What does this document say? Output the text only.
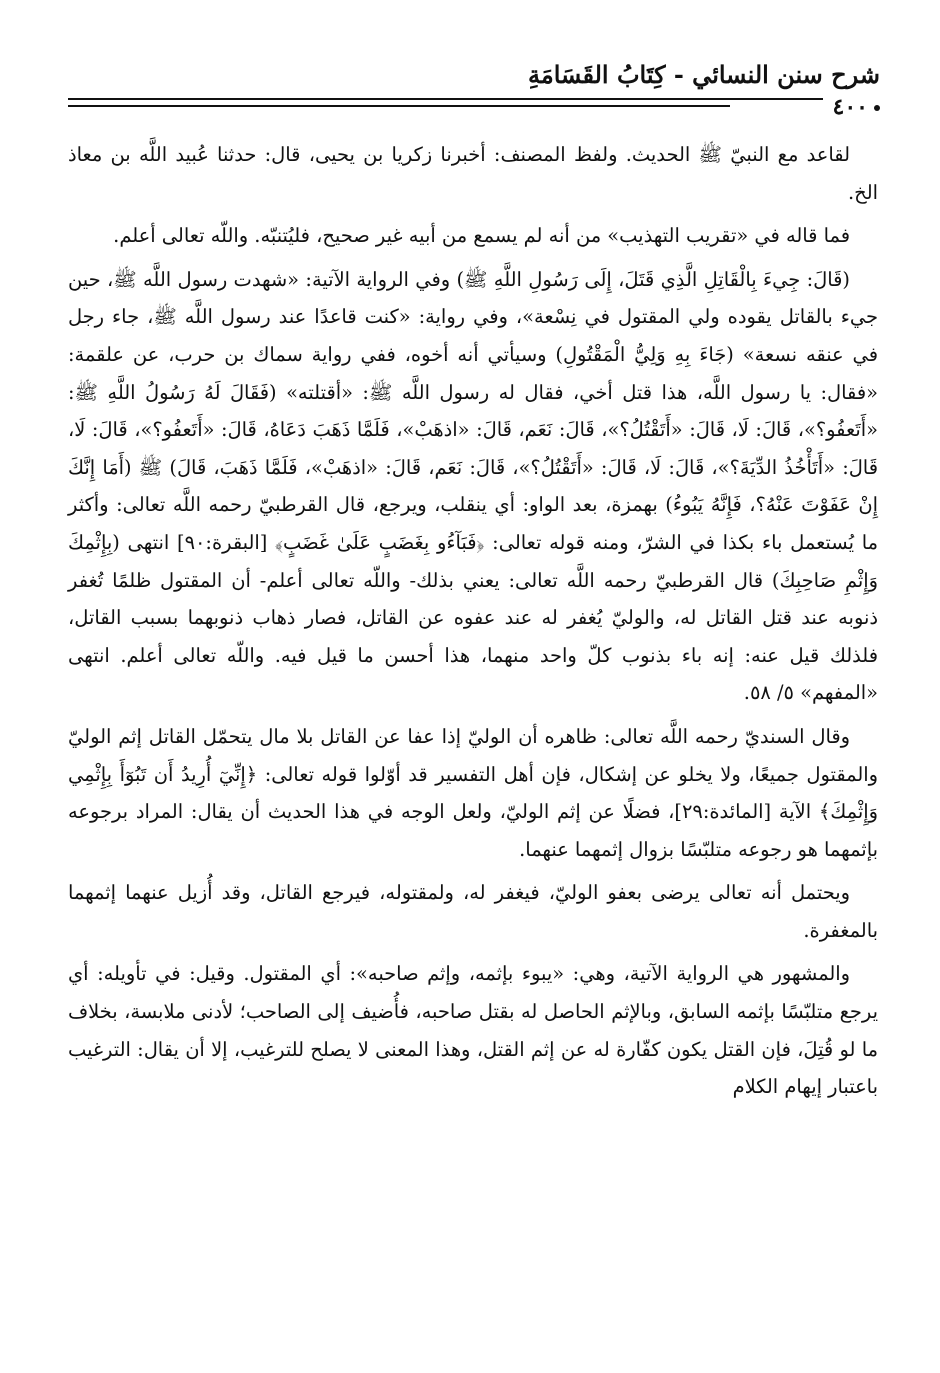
شرح سنن النسائي - كِتَابُ القَسَامَةِ
٤٠٠

لقاعد مع النبيّ ﷺ الحديث. ولفظ المصنف: أخبرنا زكريا بن يحيى، قال: حدثنا عُبيد اللَّه بن معاذ الخ.

فما قاله في «تقريب التهذيب» من أنه لم يسمع من أبيه غير صحيح، فليُتنبّه. واللّه تعالى أعلم.

(قَالَ: جِيءَ بِالْقَاتِلِ الَّذِي قَتَلَ، إِلَى رَسُولِ اللَّهِ ﷺ) وفي الرواية الآتية: «شهدت رسول اللَّه ﷺ، حين جيء بالقاتل يقوده ولي المقتول في نِسْعة»، وفي رواية: «كنت قاعدًا عند رسول اللَّه ﷺ، جاء رجل في عنقه نسعة» (جَاءَ بِهِ وَلِيُّ الْمَقْتُولِ) وسيأتي أنه أخوه، ففي رواية سماك بن حرب، عن علقمة: «فقال: يا رسول اللَّه، هذا قتل أخي، فقال له رسول اللَّه ﷺ: «أقتلته» (فَقَالَ لَهُ رَسُولُ اللَّهِ ﷺ: «أَتَعفُو؟»، قَالَ: لَا، قَالَ: «أَتَقْتُلُ؟»، قَالَ: نَعَم، قَالَ: «اذهَبْ»، فَلَمَّا ذَهَبَ دَعَاهُ، قَالَ: «أَتَعفُو؟»، قَالَ: لَا، قَالَ: «أَتَأْخُذُ الدِّيَةَ؟»، قَالَ: لَا، قَالَ: «أَتَقْتُلُ؟»، قَالَ: نَعَم، قَالَ: «اذهَبْ»، فَلَمَّا ذَهَبَ، قَالَ) ﷺ (أَمَا إِنَّكَ إِنْ عَفَوْتَ عَنْهُ؟، فَإِنَّهُ يَبُوءُ) بهمزة، بعد الواو: أي ينقلب، ويرجع، قال القرطبيّ رحمه اللَّه تعالى: وأكثر ما يُستعمل باء بكذا في الشرّ، ومنه قوله تعالى: ﴿فَبَآءُو بِغَضَبٍ عَلَىٰ غَضَبٍ﴾ [البقرة:٩٠] انتهى (بِإِثْمِكَ وَإِثْمِ صَاحِبِكَ) قال القرطبيّ رحمه اللَّه تعالى: يعني بذلك- واللّه تعالى أعلم- أن المقتول ظلمًا تُغفر ذنوبه عند قتل القاتل له، والوليّ يُغفر له عند عفوه عن القاتل، فصار ذهاب ذنوبهما بسبب القاتل، فلذلك قيل عنه: إنه باء بذنوب كلّ واحد منهما، هذا أحسن ما قيل فيه. واللّه تعالى أعلم. انتهى «المفهم» ٥/ ٥٨.

وقال السنديّ رحمه اللَّه تعالى: ظاهره أن الوليّ إذا عفا عن القاتل بلا مال يتحمّل القاتل إثم الوليّ والمقتول جميعًا، ولا يخلو عن إشكال، فإن أهل التفسير قد أوّلوا قوله تعالى: ﴿إِنِّيٓ أُرِيدُ أَن تَبُوٓأَ بِإِثْمِي وَإِثْمِكَ﴾ الآية [المائدة:٢٩]، فضلًا عن إثم الوليّ، ولعل الوجه في هذا الحديث أن يقال: المراد برجوعه بإثمهما هو رجوعه متلبّسًا بزوال إثمهما عنهما.

ويحتمل أنه تعالى يرضى بعفو الوليّ، فيغفر له، ولمقتوله، فيرجع القاتل، وقد أُزيل عنهما إثمهما بالمغفرة.

والمشهور هي الرواية الآتية، وهي: «يبوء بإثمه، وإثم صاحبه»: أي المقتول. وقيل: في تأويله: أي يرجع متلبّسًا بإثمه السابق، وبالإثم الحاصل له بقتل صاحبه، فأُضيف إلى الصاحب؛ لأدنى ملابسة، بخلاف ما لو قُتِلَ، فإن القتل يكون كفّارة له عن إثم القتل، وهذا المعنى لا يصلح للترغيب، إلا أن يقال: الترغيب باعتبار إيهام الكلام
